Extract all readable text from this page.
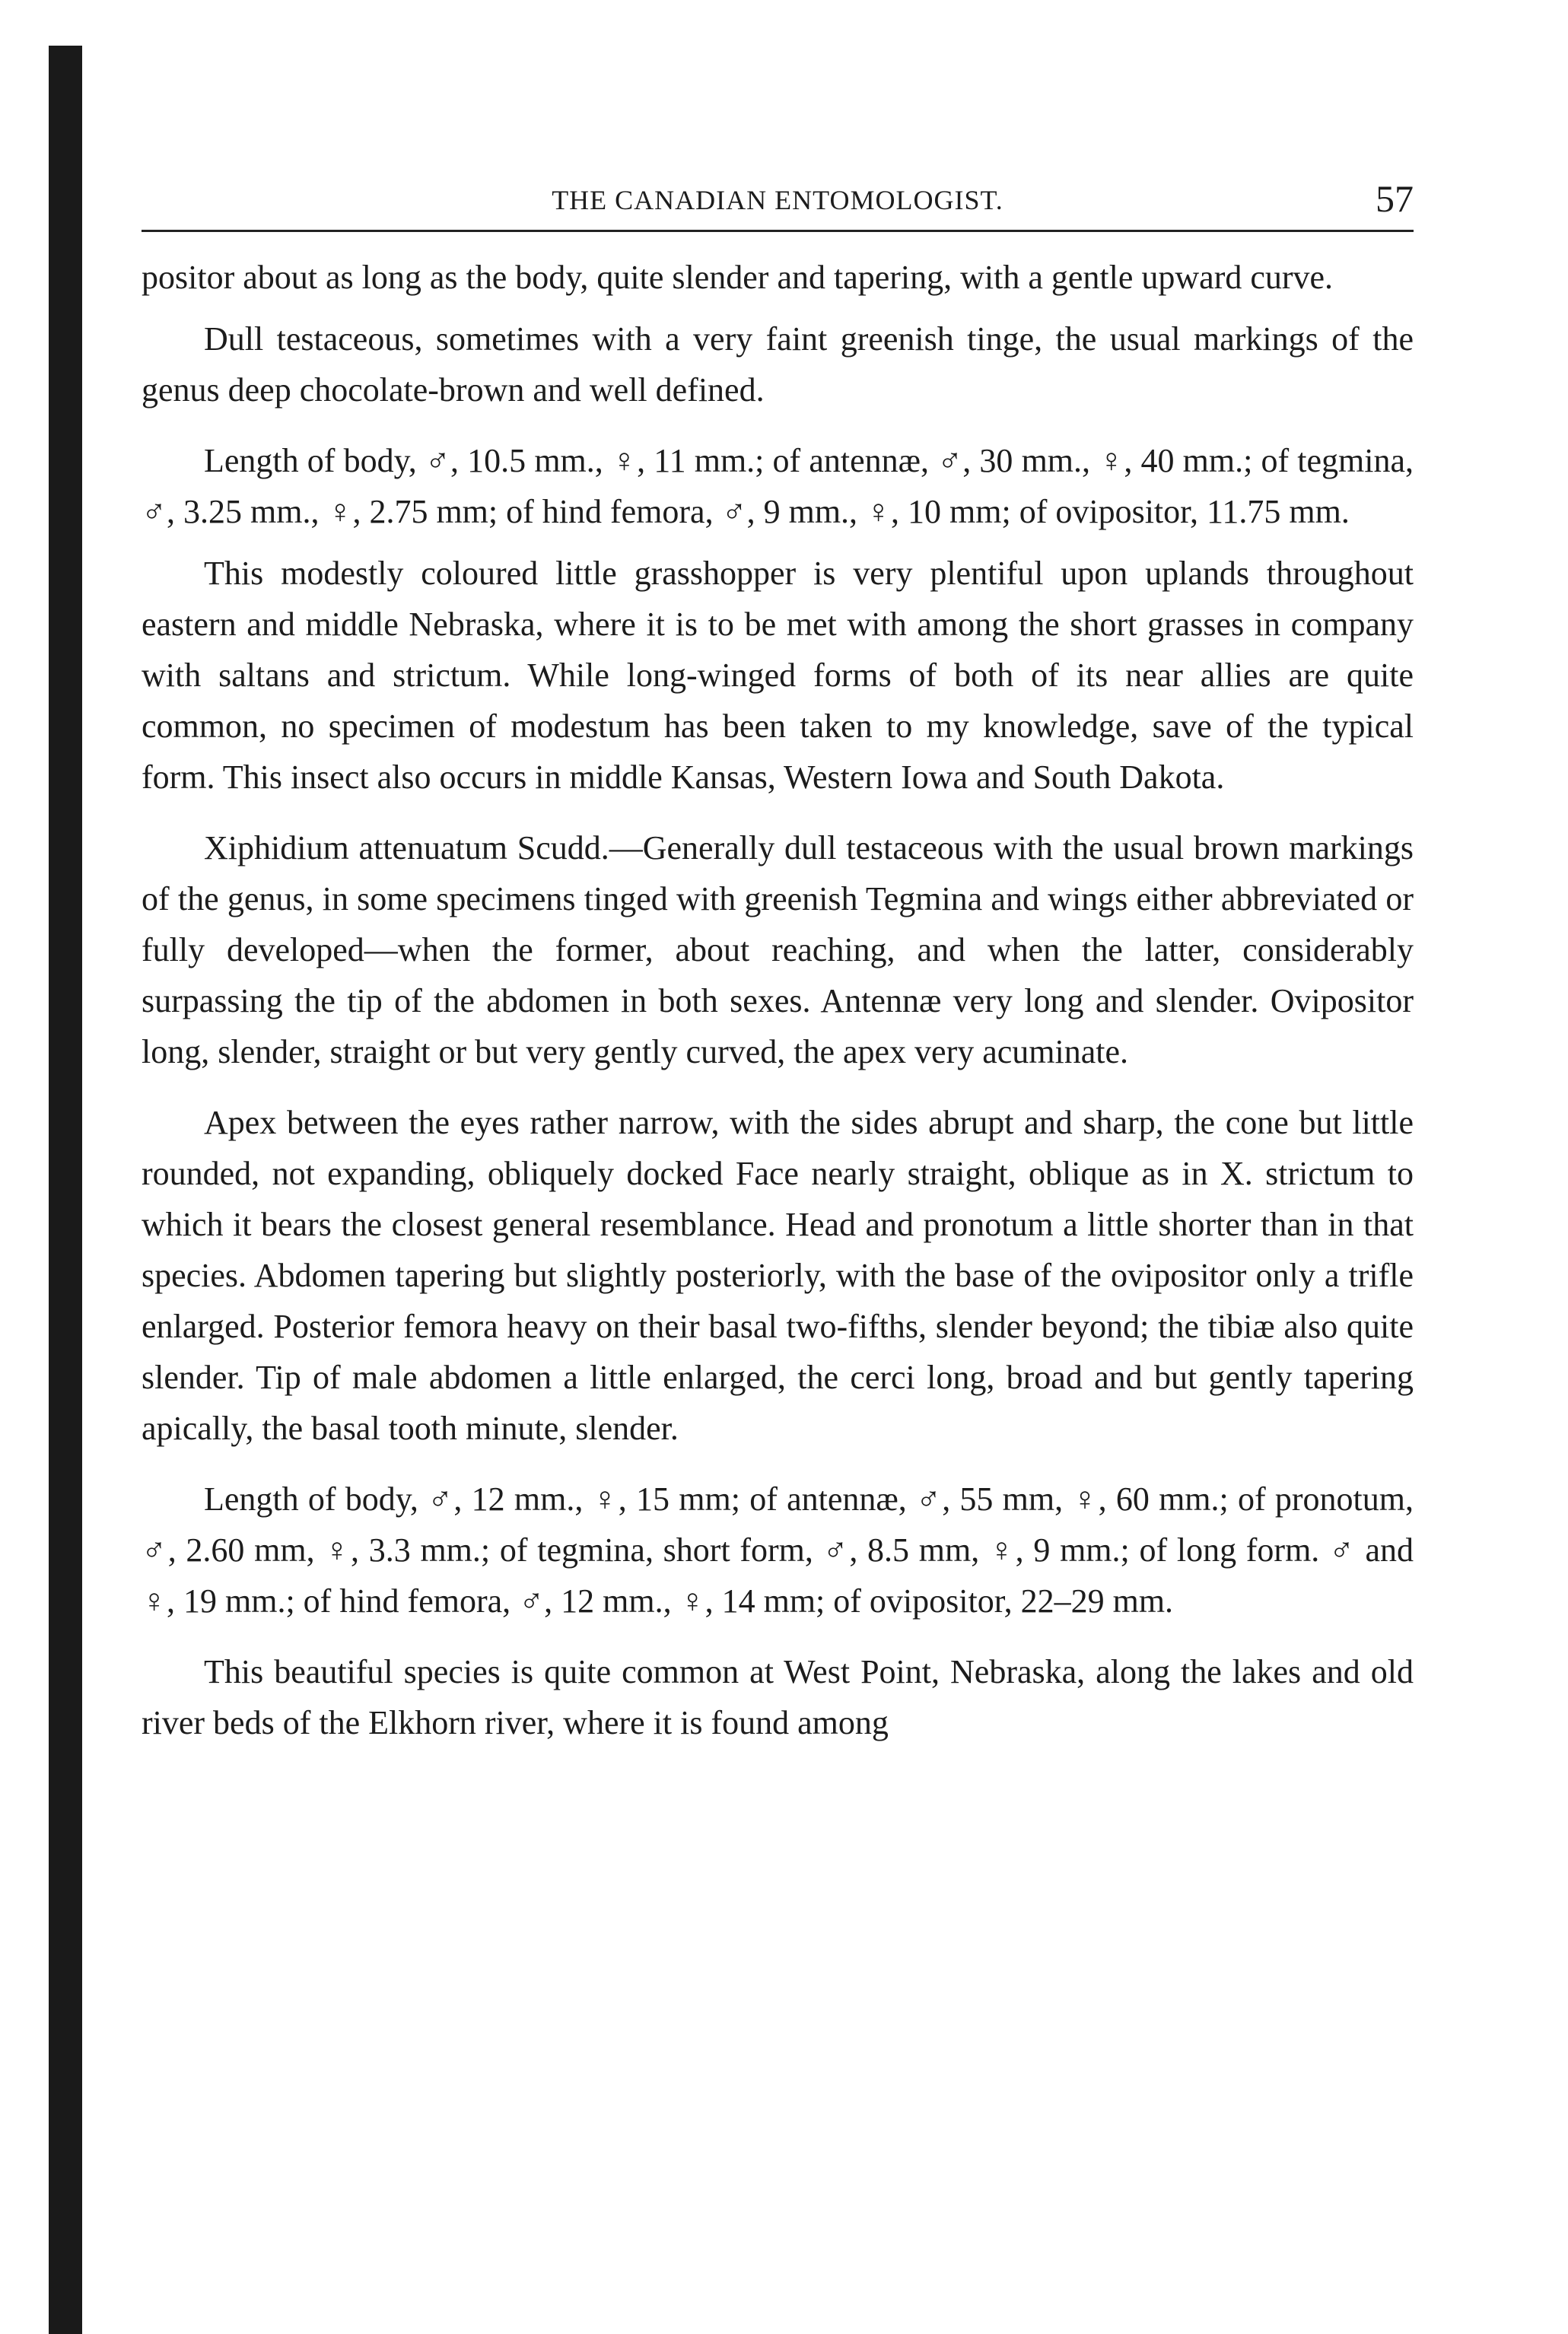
THE CANADIAN ENTOMOLOGIST.	57

positor about as long as the body, quite slender and tapering, with a gentle upward curve.

Dull testaceous, sometimes with a very faint greenish tinge, the usual markings of the genus deep chocolate-brown and well defined.

Length of body, ♂, 10.5 mm., ♀, 11 mm.; of antennæ, ♂, 30 mm., ♀, 40 mm.; of tegmina, ♂, 3.25 mm., ♀, 2.75 mm; of hind femora, ♂, 9 mm., ♀, 10 mm; of ovipositor, 11.75 mm.

This modestly coloured little grasshopper is very plentiful upon uplands throughout eastern and middle Nebraska, where it is to be met with among the short grasses in company with saltans and strictum. While long-winged forms of both of its near allies are quite common, no specimen of modestum has been taken to my knowledge, save of the typical form. This insect also occurs in middle Kansas, Western Iowa and South Dakota.

Xiphidium attenuatum Scudd.—Generally dull testaceous with the usual brown markings of the genus, in some specimens tinged with greenish Tegmina and wings either abbreviated or fully developed—when the former, about reaching, and when the latter, considerably surpassing the tip of the abdomen in both sexes. Antennæ very long and slender. Ovipositor long, slender, straight or but very gently curved, the apex very acuminate.

Apex between the eyes rather narrow, with the sides abrupt and sharp, the cone but little rounded, not expanding, obliquely docked Face nearly straight, oblique as in X. strictum to which it bears the closest general resemblance. Head and pronotum a little shorter than in that species. Abdomen tapering but slightly posteriorly, with the base of the ovipositor only a trifle enlarged. Posterior femora heavy on their basal two-fifths, slender beyond; the tibiæ also quite slender. Tip of male abdomen a little enlarged, the cerci long, broad and but gently tapering apically, the basal tooth minute, slender.

Length of body, ♂, 12 mm., ♀, 15 mm; of antennæ, ♂, 55 mm, ♀, 60 mm.; of pronotum, ♂, 2.60 mm, ♀, 3.3 mm.; of tegmina, short form, ♂, 8.5 mm, ♀, 9 mm.; of long form. ♂ and ♀, 19 mm.; of hind femora, ♂, 12 mm., ♀, 14 mm; of ovipositor, 22–29 mm.

This beautiful species is quite common at West Point, Nebraska, along the lakes and old river beds of the Elkhorn river, where it is found among
